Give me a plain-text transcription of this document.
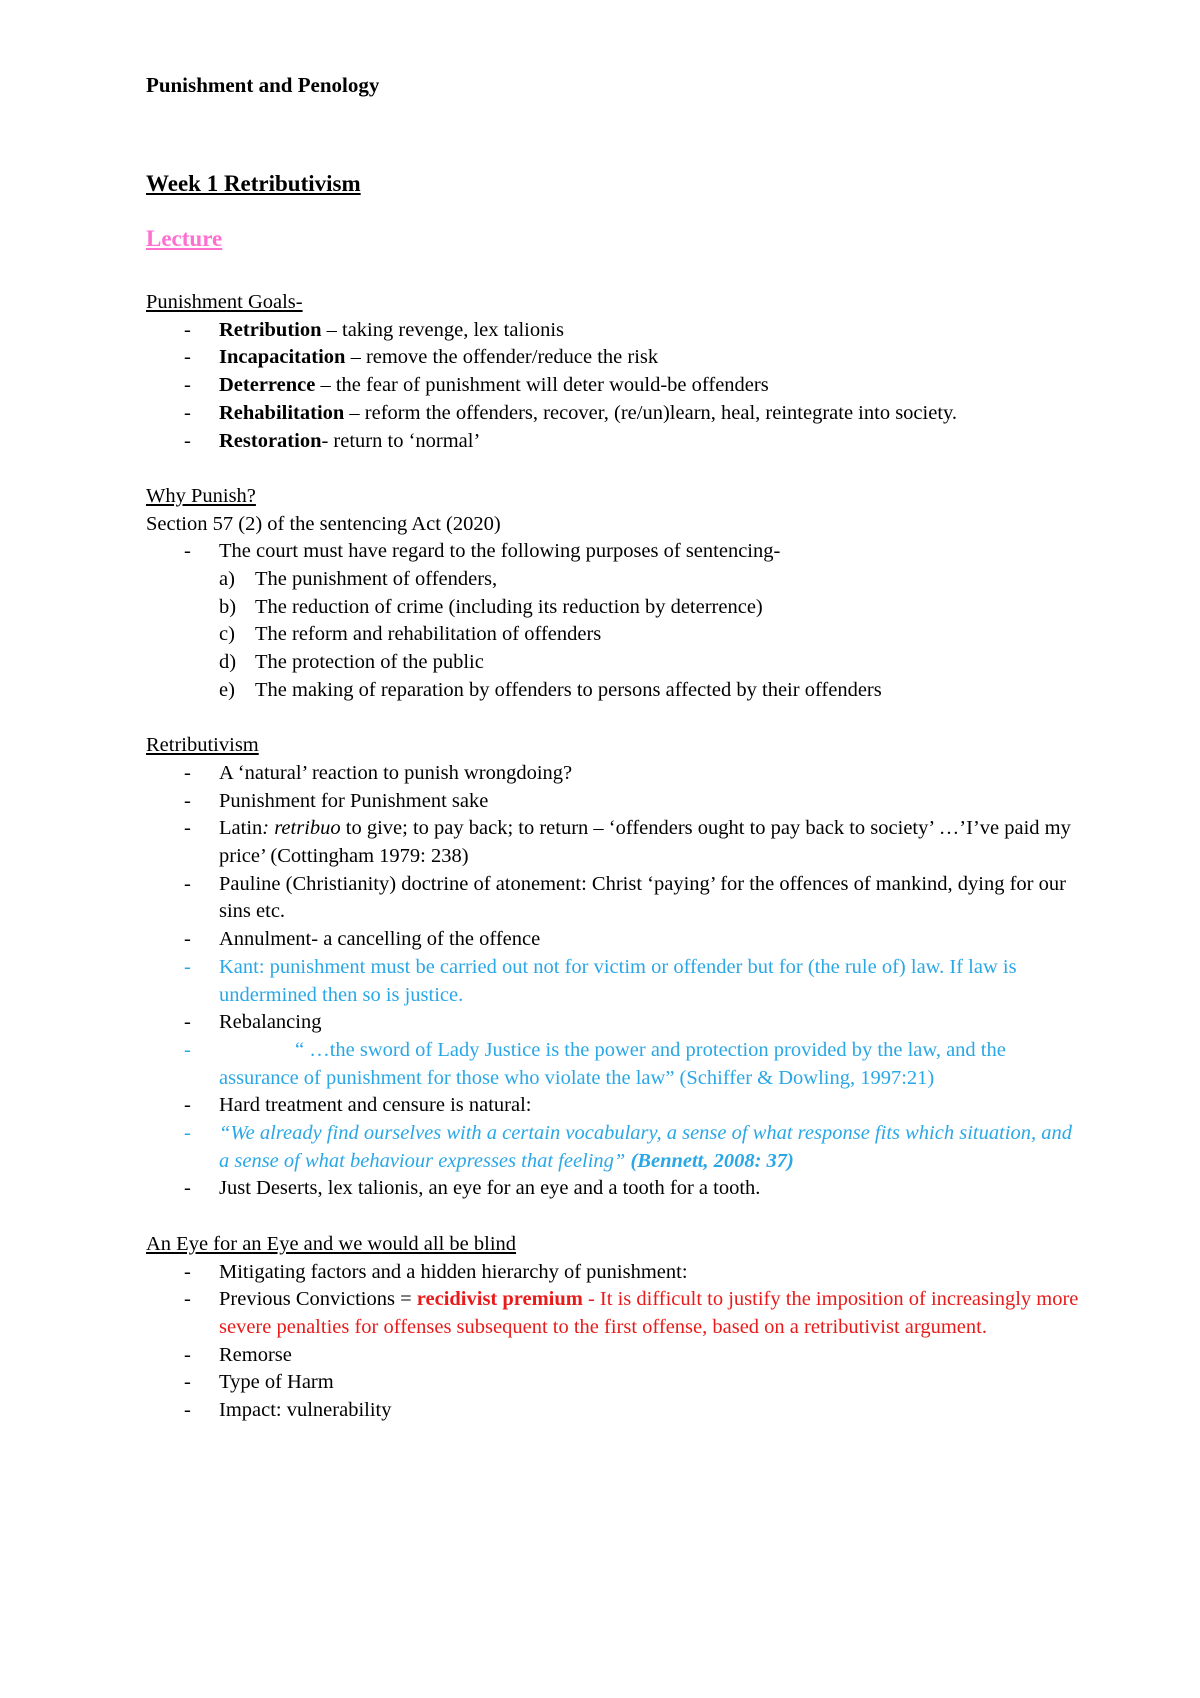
Punishment and Penology
Week 1 Retributivism
Lecture
Punishment Goals-
- Retribution – taking revenge, lex talionis
- Incapacitation – remove the offender/reduce the risk
- Deterrence – the fear of punishment will deter would-be offenders
- Rehabilitation – reform the offenders, recover, (re/un)learn, heal, reintegrate into society.
- Restoration- return to ‘normal’
Why Punish?
Section 57 (2) of the sentencing Act (2020)
- The court must have regard to the following purposes of sentencing-
a) The punishment of offenders,
b) The reduction of crime (including its reduction by deterrence)
c) The reform and rehabilitation of offenders
d) The protection of the public
e) The making of reparation by offenders to persons affected by their offenders
Retributivism
- A ‘natural’ reaction to punish wrongdoing?
- Punishment for Punishment sake
- Latin: retribuo to give; to pay back; to return – ‘offenders ought to pay back to society’ …’I’ve paid my price’ (Cottingham 1979: 238)
- Pauline (Christianity) doctrine of atonement: Christ ‘paying’ for the offences of mankind, dying for our sins etc.
- Annulment- a cancelling of the offence
- Kant: punishment must be carried out not for victim or offender but for (the rule of) law. If law is undermined then so is justice.
- Rebalancing
-	“ …the sword of Lady Justice is the power and protection provided by the law, and the assurance of punishment for those who violate the law” (Schiffer & Dowling, 1997:21)
- Hard treatment and censure is natural:
- “We already find ourselves with a certain vocabulary, a sense of what response fits which situation, and a sense of what behaviour expresses that feeling” (Bennett, 2008: 37)
- Just Deserts, lex talionis, an eye for an eye and a tooth for a tooth.
An Eye for an Eye and we would all be blind
- Mitigating factors and a hidden hierarchy of punishment:
- Previous Convictions = recidivist premium - It is difficult to justify the imposition of increasingly more severe penalties for offenses subsequent to the first offense, based on a retributivist argument.
- Remorse
- Type of Harm
- Impact: vulnerability
